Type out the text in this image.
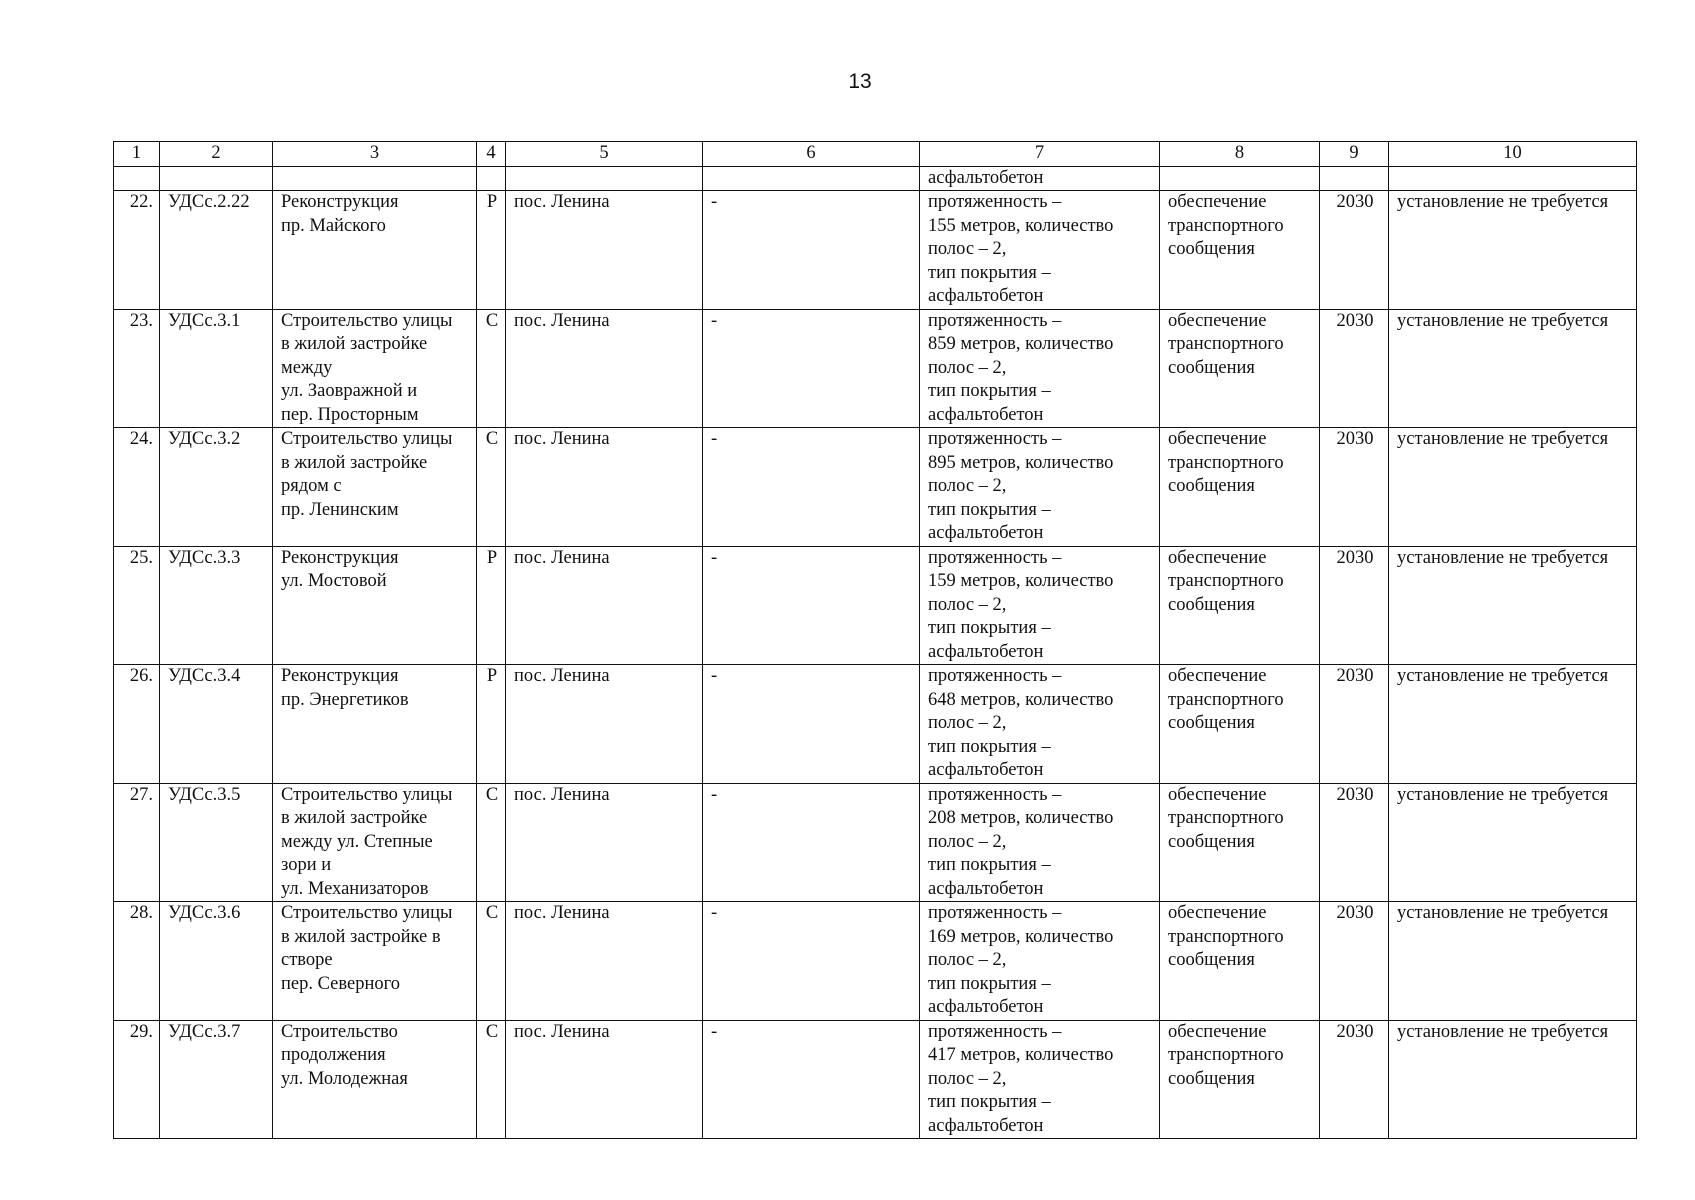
13
1	2	3	4	5	6	7	8	9	10
						асфальтобетон			
22.	УДСс.2.22	Реконструкция
пр. Майского	Р	пос. Ленина	-	протяженность –
155 метров, количество
полос – 2,
тип покрытия –
асфальтобетон	обеспечение
транспортного
сообщения	2030	установление не требуется
23.	УДСс.3.1	Строительство улицы
в жилой застройке
между
ул. Заовражной и
пер. Просторным	С	пос. Ленина	-	протяженность –
859 метров, количество
полос – 2,
тип покрытия –
асфальтобетон	обеспечение
транспортного
сообщения	2030	установление не требуется
24.	УДСс.3.2	Строительство улицы
в жилой застройке
рядом с
пр. Ленинским	С	пос. Ленина	-	протяженность –
895 метров, количество
полос – 2,
тип покрытия –
асфальтобетон	обеспечение
транспортного
сообщения	2030	установление не требуется
25.	УДСс.3.3	Реконструкция
ул. Мостовой	Р	пос. Ленина	-	протяженность –
159 метров, количество
полос – 2,
тип покрытия –
асфальтобетон	обеспечение
транспортного
сообщения	2030	установление не требуется
26.	УДСс.3.4	Реконструкция
пр. Энергетиков	Р	пос. Ленина	-	протяженность –
648 метров, количество
полос – 2,
тип покрытия –
асфальтобетон	обеспечение
транспортного
сообщения	2030	установление не требуется
27.	УДСс.3.5	Строительство улицы
в жилой застройке
между ул. Степные
зори и
ул. Механизаторов	С	пос. Ленина	-	протяженность –
208 метров, количество
полос – 2,
тип покрытия –
асфальтобетон	обеспечение
транспортного
сообщения	2030	установление не требуется
28.	УДСс.3.6	Строительство улицы
в жилой застройке в
створе
пер. Северного	С	пос. Ленина	-	протяженность –
169 метров, количество
полос – 2,
тип покрытия –
асфальтобетон	обеспечение
транспортного
сообщения	2030	установление не требуется
29.	УДСс.3.7	Строительство
продолжения
ул. Молодежная	С	пос. Ленина	-	протяженность –
417 метров, количество
полос – 2,
тип покрытия –
асфальтобетон	обеспечение
транспортного
сообщения	2030	установление не требуется
